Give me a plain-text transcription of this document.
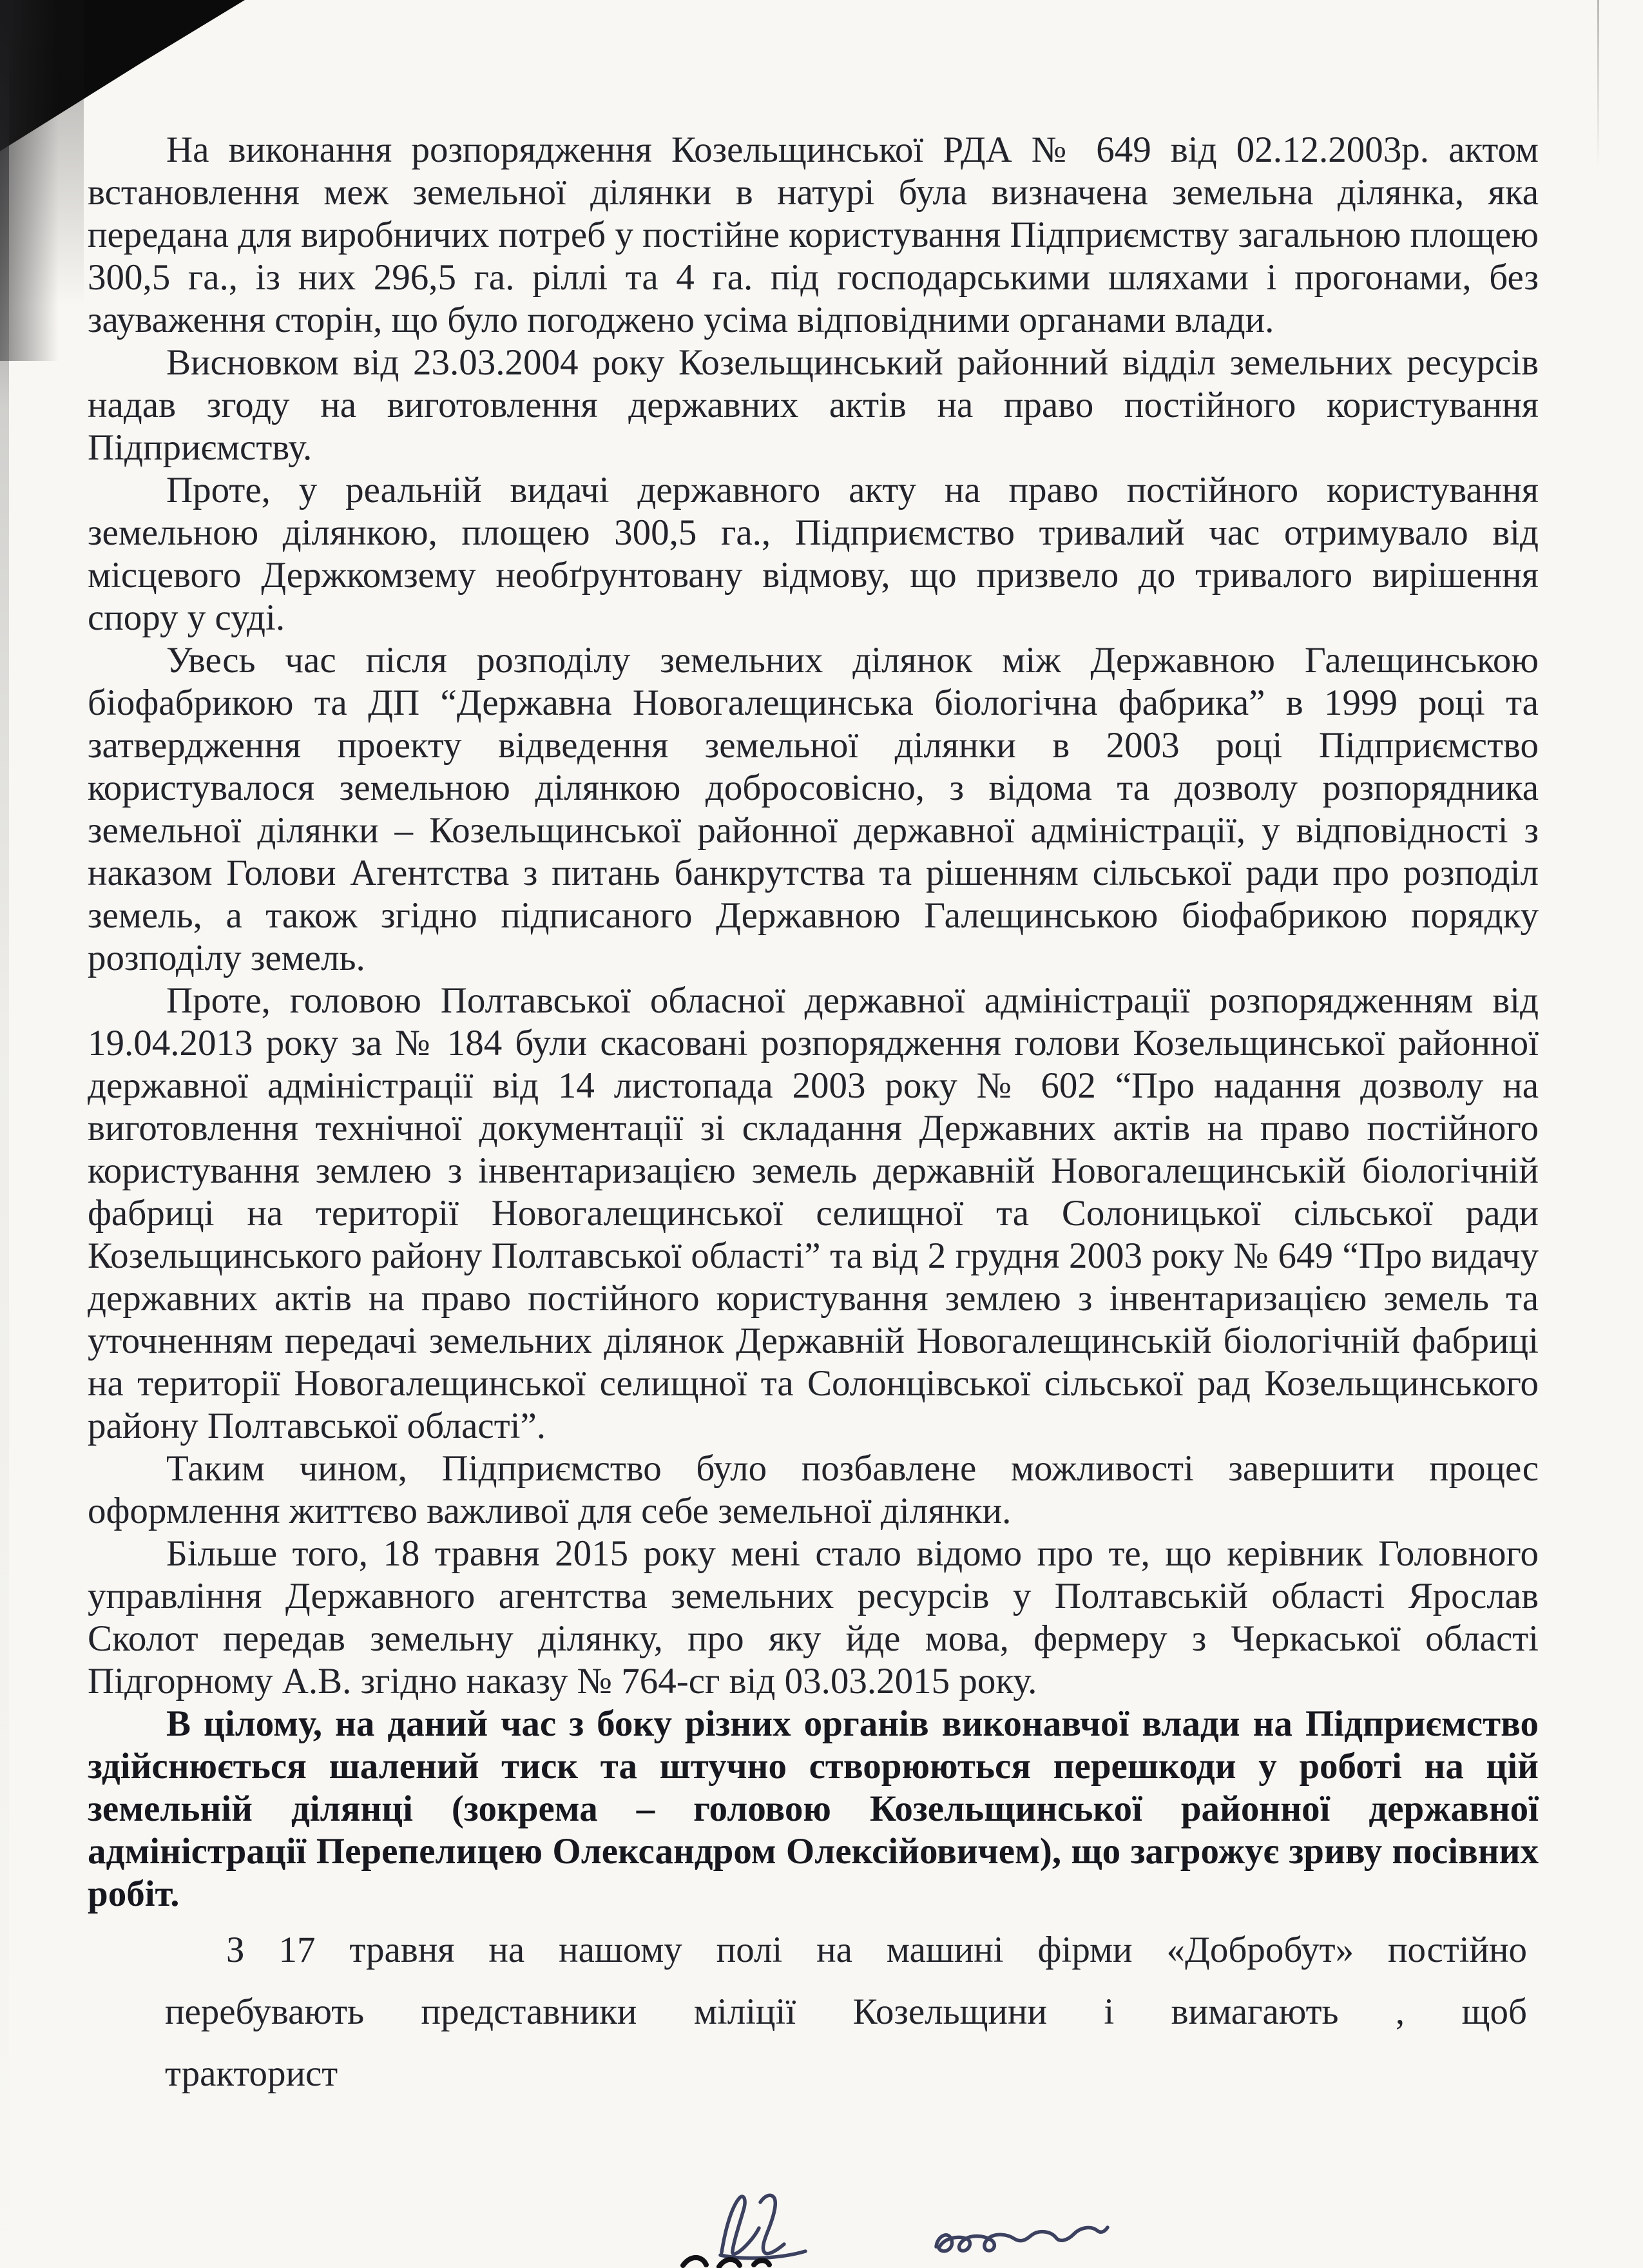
На виконання розпорядження Козельщинської РДА № 649 від 02.12.2003р. актом встановлення меж земельної ділянки в натурі була визначена земельна ділянка, яка передана для виробничих потреб у постійне користування Підприємству загальною площею 300,5 га., із них 296,5 га. ріллі та 4 га. під господарськими шляхами і прогонами, без зауваження сторін, що було погоджено усіма відповідними органами влади.

Висновком від 23.03.2004 року Козельщинський районний відділ земельних ресурсів надав згоду на виготовлення державних актів на право постійного користування Підприємству.

Проте, у реальній видачі державного акту на право постійного користування земельною ділянкою, площею 300,5 га., Підприємство тривалий час отримувало від місцевого Держкомзему необґрунтовану відмову, що призвело до тривалого вирішення спору у суді.

Увесь час після розподілу земельних ділянок між Державною Галещинською біофабрикою та ДП “Державна Новогалещинська біологічна фабрика” в 1999 році та затвердження проекту відведення земельної ділянки в 2003 році Підприємство користувалося земельною ділянкою добросовісно, з відома та дозволу розпорядника земельної ділянки – Козельщинської районної державної адміністрації, у відповідності з наказом Голови Агентства з питань банкрутства та рішенням сільської ради про розподіл земель, а також згідно підписаного Державною Галещинською біофабрикою порядку розподілу земель.

Проте, головою Полтавської обласної державної адміністрації розпорядженням від 19.04.2013 року за № 184 були скасовані розпорядження голови Козельщинської районної державної адміністрації від 14 листопада 2003 року № 602 “Про надання дозволу на виготовлення технічної документації зі складання Державних актів на право постійного користування землею з інвентаризацією земель державній Новогалещинській біологічній фабриці на території Новогалещинської селищної та Солоницької сільської ради Козельщинського району Полтавської області” та від 2 грудня 2003 року № 649 “Про видачу державних актів на право постійного користування землею з інвентаризацією земель та уточненням передачі земельних ділянок Державній Новогалещинській біологічній фабриці на території Новогалещинської селищної та Солонцівської сільської рад Козельщинського району Полтавської області”.

Таким чином, Підприємство було позбавлене можливості завершити процес оформлення життєво важливої для себе земельної ділянки.

Більше того, 18 травня 2015 року мені стало відомо про те, що керівник Головного управління Державного агентства земельних ресурсів у Полтавській області Ярослав Сколот передав земельну ділянку, про яку йде мова, фермеру з Черкаської області Підгорному А.В. згідно наказу № 764-сг від 03.03.2015 року.

В цілому, на даний час з боку різних органів виконавчої влади на Підприємство здійснюється шалений тиск та штучно створюються перешкоди у роботі на цій земельній ділянці (зокрема – головою Козельщинської районної державної адміністрації Перепелицею Олександром Олексійовичем), що загрожує зриву посівних робіт.

З 17 травня на нашому полі на машині фірми «Добробут» постійно перебувають представники міліції Козельщини і вимагають , щоб тракторист
